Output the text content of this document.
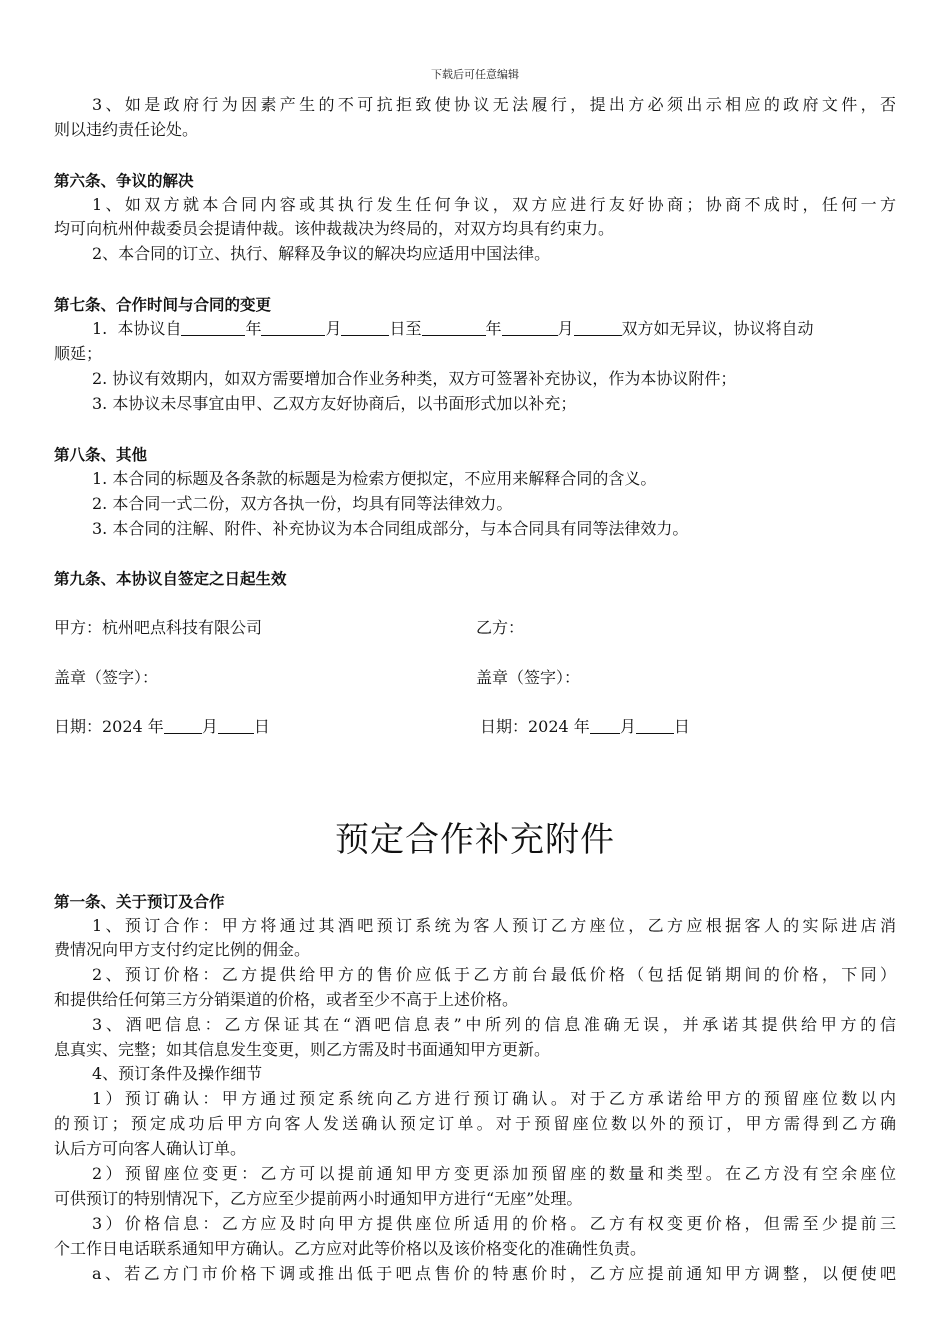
下载后可任意编辑
3、如是政府行为因素产生的不可抗拒致使协议无法履行，提出方必须出示相应的政府文件，否
则以违约责任论处。
第六条、争议的解决
1、如双方就本合同内容或其执行发生任何争议，双方应进行友好协商；协商不成时，任何一方
均可向杭州仲裁委员会提请仲裁。该仲裁裁决为终局的，对双方均具有约束力。
2、本合同的订立、执行、解释及争议的解决均应适用中国法律。
第七条、合作时间与合同的变更
1. 本协议自	年	月	日至	年	月	双方如无异议，协议将自动
顺延；
2. 协议有效期内，如双方需要增加合作业务种类，双方可签署补充协议，作为本协议附件；
3. 本协议未尽事宜由甲、乙双方友好协商后，以书面形式加以补充；
第八条、其他
1. 本合同的标题及各条款的标题是为检索方便拟定，不应用来解释合同的含义。
2. 本合同一式二份，双方各执一份，均具有同等法律效力。
3. 本合同的注解、附件、补充协议为本合同组成部分，与本合同具有同等法律效力。
第九条、本协议自签定之日起生效
甲方：杭州吧点科技有限公司	乙方：
盖章（签字）：	盖章（签字）：
日期：2024 年 月 日	日期：2024 年 月 日
预定合作补充附件
第一条、关于预订及合作
1、预订合作：甲方将通过其酒吧预订系统为客人预订乙方座位，乙方应根据客人的实际进店消
费情况向甲方支付约定比例的佣金。
2、预订价格：乙方提供给甲方的售价应低于乙方前台最低价格（包括促销期间的价格，下同）
和提供给任何第三方分销渠道的价格，或者至少不高于上述价格。
3、酒吧信息：乙方保证其在“酒吧信息表”中所列的信息准确无误，并承诺其提供给甲方的信
息真实、完整；如其信息发生变更，则乙方需及时书面通知甲方更新。
4、预订条件及操作细节
1）预订确认：甲方通过预定系统向乙方进行预订确认。对于乙方承诺给甲方的预留座位数以内
的预订；预定成功后甲方向客人发送确认预定订单。对于预留座位数以外的预订，甲方需得到乙方确
认后方可向客人确认订单。
2）预留座位变更：乙方可以提前通知甲方变更添加预留座的数量和类型。在乙方没有空余座位
可供预订的特别情况下，乙方应至少提前两小时通知甲方进行“无座”处理。
3）价格信息：乙方应及时向甲方提供座位所适用的价格。乙方有权变更价格，但需至少提前三
个工作日电话联系通知甲方确认。乙方应对此等价格以及该价格变化的准确性负责。
a、若乙方门市价格下调或推出低于吧点售价的特惠价时，乙方应提前通知甲方调整，以便使吧
